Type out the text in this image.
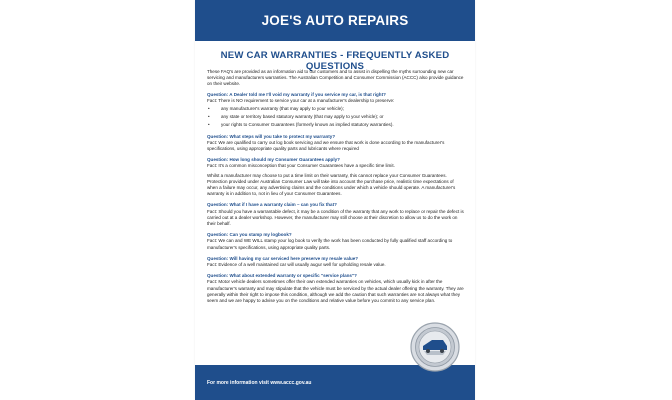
JOE'S AUTO REPAIRS
NEW CAR WARRANTIES - FREQUENTLY ASKED QUESTIONS

These FAQ's are provided as an information aid to our customers and to assist in dispelling the myths surrounding new car servicing and manufacturers warranties. The Australian Competition and Consumer Commission (ACCC) also provide guidance on their website.

Question: A Dealer told me I'll void my warranty if you service my car, is that right?

Fact: There is NO requirement to service your car at a manufacturer's dealership to preserve:

• any manufacturer's warranty (that may apply to your vehicle);
• any state or territory based statutory warranty (that may apply to your vehicle); or
• your rights to Consumer Guarantees (formerly known as implied statutory warranties).

Question: What steps will you take to protect my warranty?

Fact: We are qualified to carry out log book servicing and we ensure that work is done according to the manufacturer's specifications, using appropriate quality parts and lubricants where required

Question: How long should my Consumer Guarantees apply?

Fact: It's a common misconception that your Consumer Guarantees have a specific time limit.

Whilst a manufacturer may choose to put a time limit on their warranty, this cannot replace your Consumer Guarantees. Protection provided under Australian Consumer Law will take into account the purchase price, realistic time expectations of when a failure may occur, any advertising claims and the conditions under which a vehicle should operate. A manufacturer's warranty is in addition to, not in lieu of your Consumer Guarantees.

Question: What if I have a warranty claim – can you fix that?

Fact: Should you have a warrantable defect, it may be a condition of the warranty that any work to replace or repair the defect is carried out at a dealer workshop. However, the manufacturer may still choose at their discretion to allow us to do the work on their behalf.

Question: Can you stamp my logbook?

Fact: We can and WE WILL stamp your log book to verify the work has been conducted by fully qualified staff according to manufacturer's specifications, using appropriate quality parts.

Question: Will having my car serviced here preserve my resale value?

Fact: Evidence of a well maintained car will usually augur well for upholding resale value.

Question: What about extended warranty or specific "service plans"?

Fact: Motor vehicle dealers sometimes offer their own extended warranties on vehicles, which usually kick in after the manufacturer's warranty and may stipulate that the vehicle must be serviced by the actual dealer offering the warranty. They are generally within their right to impose this condition, although we add the caution that such warranties are not always what they seem and we are happy to advise you on the conditions and relative value before you commit to any service plan.

For more information visit www.accc.gov.au
